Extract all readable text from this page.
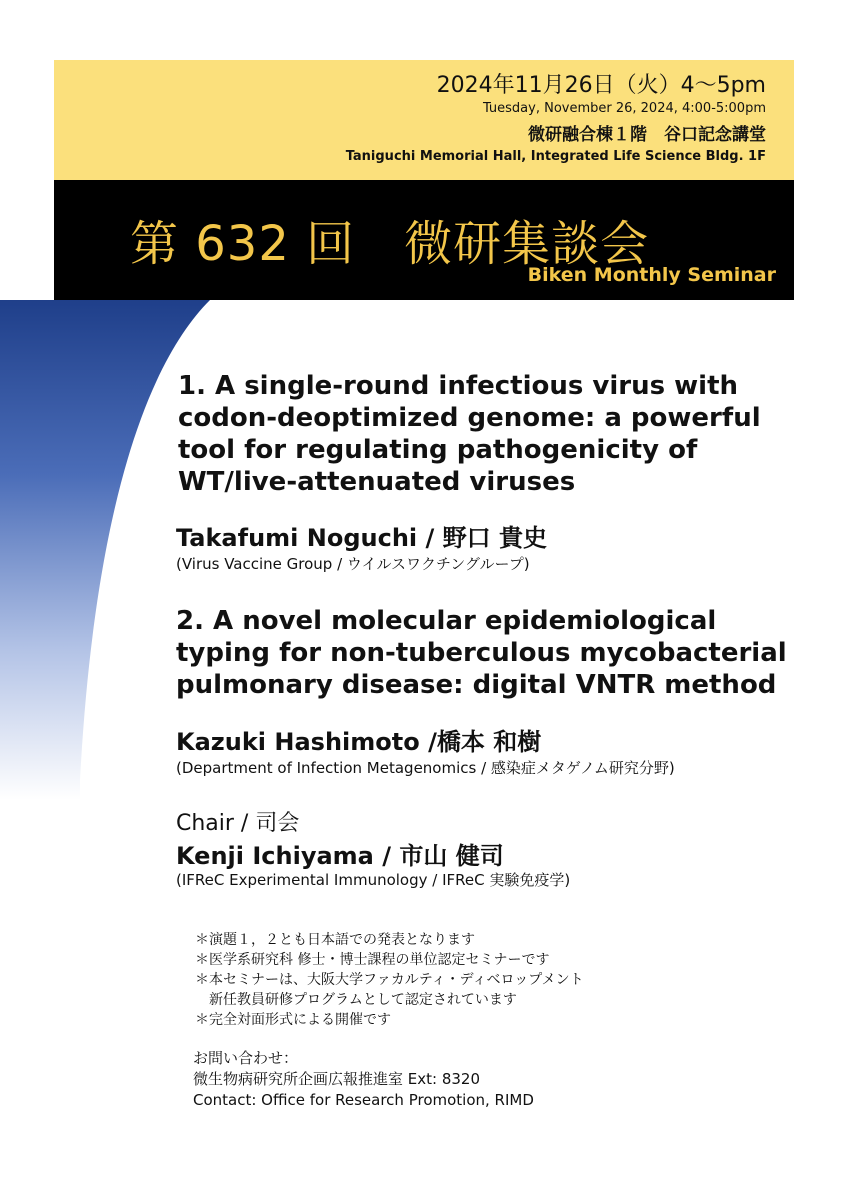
2024年11月26日（火）4～5pm
Tuesday, November 26, 2024, 4:00-5:00pm
微研融合棟１階　谷口記念講堂
Taniguchi Memorial Hall, Integrated Life Science Bldg. 1F
第 632 回　微研集談会
Biken Monthly Seminar
1. A single-round infectious virus with
codon-deoptimized genome: a powerful
tool for regulating pathogenicity of
WT/live-attenuated viruses
Takafumi Noguchi / 野口 貴史
(Virus Vaccine Group / ウイルスワクチングループ)
2. A novel molecular epidemiological
typing for non-tuberculous mycobacterial
pulmonary disease: digital VNTR method
Kazuki Hashimoto /橋本 和樹
(Department of Infection Metagenomics / 感染症メタゲノム研究分野)
Chair / 司会
Kenji Ichiyama / 市山 健司
(IFReC Experimental Immunology / IFReC 実験免疫学)
＊演題１，２とも日本語での発表となります
＊医学系研究科 修士・博士課程の単位認定セミナーです
＊本セミナーは、大阪大学ファカルティ・ディベロップメント
　新任教員研修プログラムとして認定されています
＊完全対面形式による開催です
お問い合わせ：
微生物病研究所企画広報推進室 Ext: 8320
Contact: Office for Research Promotion, RIMD
